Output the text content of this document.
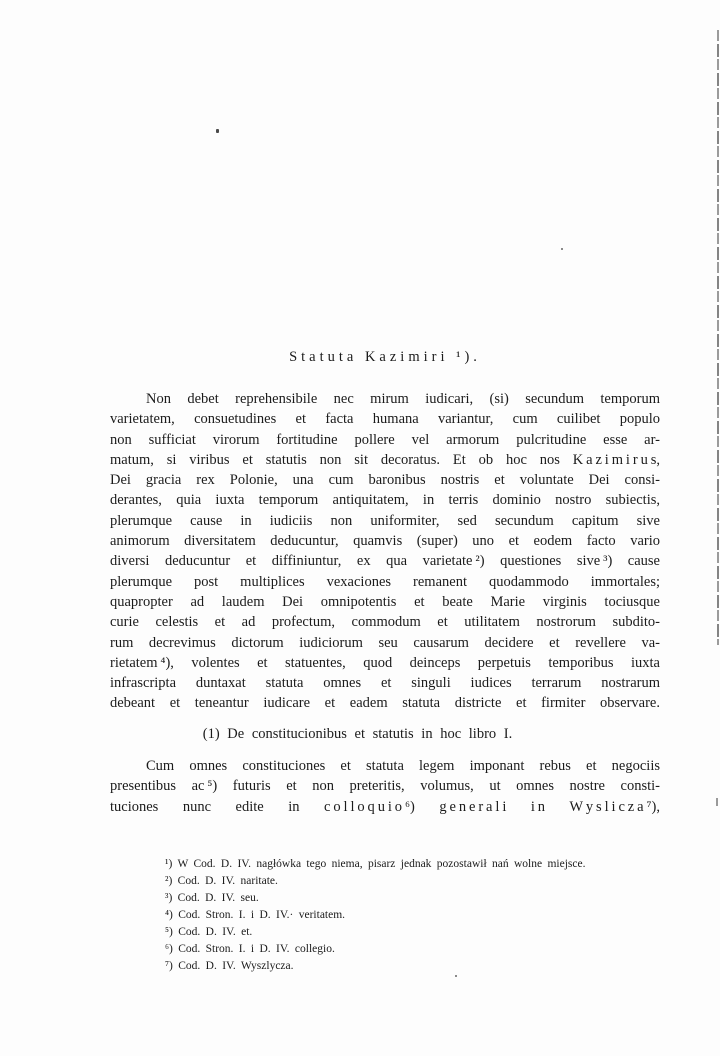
Statuta Kazimiri ¹).
Non debet reprehensibile nec mirum iudicari, (si) secundum temporum
varietatem, consuetudines et facta humana variantur, cum cuilibet populo
non sufficiat virorum fortitudine pollere vel armorum pulcritudine esse ar-
matum, si viribus et statutis non sit decoratus. Et ob hoc nos K a z i m i r u s,
Dei gracia rex Polonie, una cum baronibus nostris et voluntate Dei consi-
derantes, quia iuxta temporum antiquitatem, in terris dominio nostro subiectis,
plerumque cause in iudiciis non uniformiter, sed secundum capitum sive
animorum diversitatem deducuntur, quamvis (super) uno et eodem facto vario
diversi deducuntur et diffiniuntur, ex qua varietate ²) questiones sive ³) cause
plerumque post multiplices vexaciones remanent quodammodo immortales;
quapropter ad laudem Dei omnipotentis et beate Marie virginis tociusque
curie celestis et ad profectum, commodum et utilitatem nostrorum subdito-
rum decrevimus dictorum iudiciorum seu causarum decidere et revellere va-
rietatem ⁴), volentes et statuentes, quod deinceps perpetuis temporibus iuxta
infrascripta duntaxat statuta omnes et singuli iudices terrarum nostrarum
debeant et teneantur iudicare et eadem statuta districte et firmiter observare.
(1) De constitucionibus et statutis in hoc libro I.
Cum omnes constituciones et statuta legem imponant rebus et negociis
presentibus ac ⁵) futuris et non preteritis, volumus, ut omnes nostre consti-
tuciones nunc edite in c o l l o q u i o ⁶) g e n e r a l i i n W y s l i c z a ⁷),
¹) W Cod. D. IV. nagłówka tego niema, pisarz jednak pozostawił nań wolne miejsce.
²) Cod. D. IV. naritate.
³) Cod. D. IV. seu.
⁴) Cod. Stron. I. i D. IV.· veritatem.
⁵) Cod. D. IV. et.
⁶) Cod. Stron. I. i D. IV. collegio.
⁷) Cod. D. IV. Wyszlycza.
